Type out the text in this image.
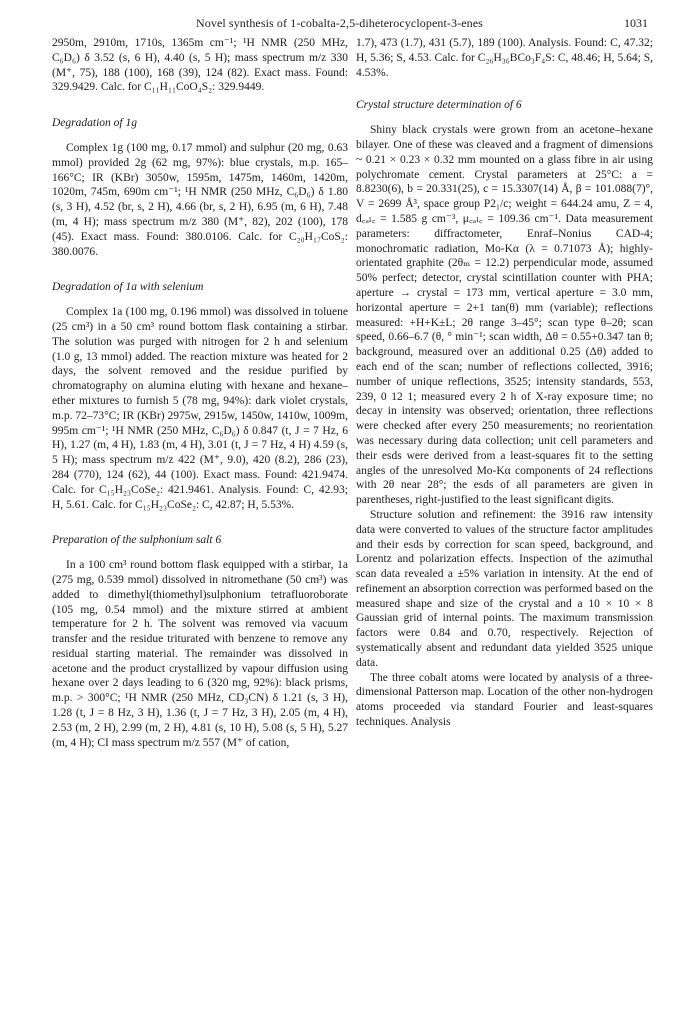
Novel synthesis of 1-cobalta-2,5-diheterocyclopent-3-enes	1031

2950m, 2910m, 1710s, 1365m cm⁻¹; ¹H NMR (250 MHz, C₆D₆) δ 3.52 (s, 6 H), 4.40 (s, 5 H); mass spectrum m/z 330 (M⁺, 75), 188 (100), 168 (39), 124 (82). Exact mass. Found: 329.9429. Calc. for C₁₁H₁₁CoO₄S₂: 329.9449.

Degradation of 1g

Complex 1g (100 mg, 0.17 mmol) and sulphur (20 mg, 0.63 mmol) provided 2g (62 mg, 97%): blue crystals, m.p. 165–166°C; IR (KBr) 3050w, 1595m, 1475m, 1460m, 1420m, 1020m, 745m, 690m cm⁻¹; ¹H NMR (250 MHz, C₆D₆) δ 1.80 (s, 3 H), 4.52 (br, s, 2 H), 4.66 (br, s, 2 H), 6.95 (m, 6 H), 7.48 (m, 4 H); mass spectrum m/z 380 (M⁺, 82), 202 (100), 178 (45). Exact mass. Found: 380.0106. Calc. for C₂₀H₁₇CoS₂: 380.0076.

Degradation of 1a with selenium

Complex 1a (100 mg, 0.196 mmol) was dissolved in toluene (25 cm³) in a 50 cm³ round bottom flask containing a stirbar. The solution was purged with nitrogen for 2 h and selenium (1.0 g, 13 mmol) added. The reaction mixture was heated for 2 days, the solvent removed and the residue purified by chromatography on alumina eluting with hexane and hexane–ether mixtures to furnish 5 (78 mg, 94%): dark violet crystals, m.p. 72–73°C; IR (KBr) 2975w, 2915w, 1450w, 1410w, 1009m, 995m cm⁻¹; ¹H NMR (250 MHz, C₆D₆) δ 0.847 (t, J = 7 Hz, 6 H), 1.27 (m, 4 H), 1.83 (m, 4 H), 3.01 (t, J = 7 Hz, 4 H) 4.59 (s, 5 H); mass spectrum m/z 422 (M⁺, 9.0), 420 (8.2), 286 (23), 284 (770), 124 (62), 44 (100). Exact mass. Found: 421.9474. Calc. for C₁₅H₂₃CoSe₂: 421.9461. Analysis. Found: C, 42.93; H, 5.61. Calc. for C₁₅H₂₃CoSe₂: C, 42.87; H, 5.53%.

Preparation of the sulphonium salt 6

In a 100 cm³ round bottom flask equipped with a stirbar, 1a (275 mg, 0.539 mmol) dissolved in nitromethane (50 cm³) was added to dimethyl(thiomethyl)sulphonium tetrafluoroborate (105 mg, 0.54 mmol) and the mixture stirred at ambient temperature for 2 h. The solvent was removed via vacuum transfer and the residue triturated with benzene to remove any residual starting material. The remainder was dissolved in acetone and the product crystallized by vapour diffusion using hexane over 2 days leading to 6 (320 mg, 92%): black prisms, m.p. > 300°C; ¹H NMR (250 MHz, CD₃CN) δ 1.21 (s, 3 H), 1.28 (t, J = 8 Hz, 3 H), 1.36 (t, J = 7 Hz, 3 H), 2.05 (m, 4 H), 2.53 (m, 2 H), 2.99 (m, 2 H), 4.81 (s, 10 H), 5.08 (s, 5 H), 5.27 (m, 4 H); CI mass spectrum m/z 557 (M⁺ of cation,

1.7), 473 (1.7), 431 (5.7), 189 (100). Analysis. Found: C, 47.32; H, 5.36; S, 4.53. Calc. for C₂₆H₃₆BCo₃F₄S: C, 48.46; H, 5.64; S, 4.53%.

Crystal structure determination of 6

Shiny black crystals were grown from an acetone–hexane bilayer. One of these was cleaved and a fragment of dimensions ~ 0.21 × 0.23 × 0.32 mm mounted on a glass fibre in air using polychromate cement. Crystal parameters at 25°C: a = 8.8230(6), b = 20.331(25), c = 15.3307(14) Å, β = 101.088(7)°, V = 2699 Å³, space group P2₁/c; weight = 644.24 amu, Z = 4, d꜀ₐₗ꜀ = 1.585 g cm⁻³, μ꜀ₐₗ꜀ = 109.36 cm⁻¹. Data measurement parameters: diffractometer, Enraf–Nonius CAD-4; monochromatic radiation, Mo-Kα (λ = 0.71073 Å); highly-orientated graphite (2θₘ = 12.2) perpendicular mode, assumed 50% perfect; detector, crystal scintillation counter with PHA; aperture → crystal = 173 mm, vertical aperture = 3.0 mm, horizontal aperture = 2+1 tan(θ) mm (variable); reflections measured: +H+K±L; 2θ range 3–45°; scan type θ–2θ; scan speed, 0.66–6.7 (θ, ° min⁻¹; scan width, Δθ = 0.55+0.347 tan θ; background, measured over an additional 0.25 (Δθ) added to each end of the scan; number of reflections collected, 3916; number of unique reflections, 3525; intensity standards, 553, 239, 0 12 1; measured every 2 h of X-ray exposure time; no decay in intensity was observed; orientation, three reflections were checked after every 250 measurements; no reorientation was necessary during data collection; unit cell parameters and their esds were derived from a least-squares fit to the setting angles of the unresolved Mo-Kα components of 24 reflections with 2θ near 28°; the esds of all parameters are given in parentheses, right-justified to the least significant digits.

Structure solution and refinement: the 3916 raw intensity data were converted to values of the structure factor amplitudes and their esds by correction for scan speed, background, and Lorentz and polarization effects. Inspection of the azimuthal scan data revealed a ±5% variation in intensity. At the end of refinement an absorption correction was performed based on the measured shape and size of the crystal and a 10 × 10 × 8 Gaussian grid of internal points. The maximum transmission factors were 0.84 and 0.70, respectively. Rejection of systematically absent and redundant data yielded 3525 unique data.

The three cobalt atoms were located by analysis of a three-dimensional Patterson map. Location of the other non-hydrogen atoms proceeded via standard Fourier and least-squares techniques. Analysis
